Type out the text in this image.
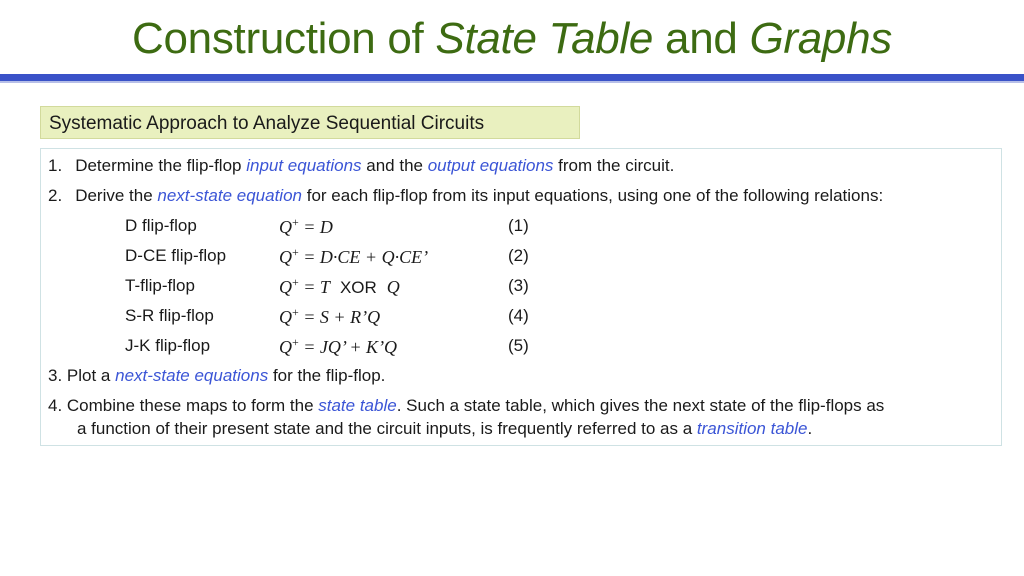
Construction of State Table and Graphs
Systematic Approach to Analyze Sequential Circuits
1. Determine the flip-flop input equations and the output equations from the circuit.
2. Derive the next-state equation for each flip-flop from its input equations, using one of the following relations:
D flip-flop	Q+ = D	(1)
D-CE flip-flop	Q+ = D·CE + Q·CE’	(2)
T-flip-flop	Q+ = T XOR Q	(3)
S-R flip-flop	Q+ = S + R’Q	(4)
J-K flip-flop	Q+ = JQ’ + K’Q	(5)
3. Plot a next-state equations for the flip-flop.
4. Combine these maps to form the state table. Such a state table, which gives the next state of the flip-flops as
a function of their present state and the circuit inputs, is frequently referred to as a transition table.
